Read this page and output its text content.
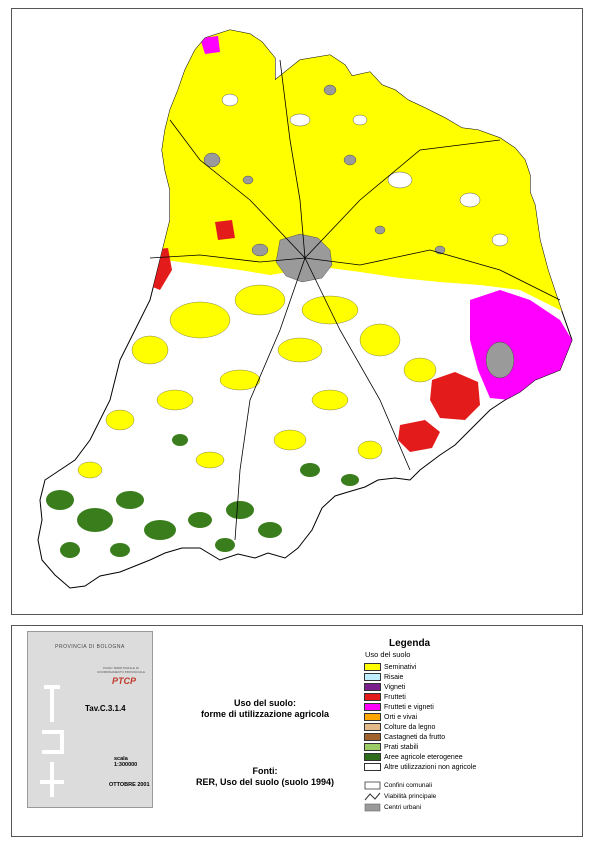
PROVINCIA DI BOLOGNA
PIANO TERRITORIALE DI COORDINAMENTO PROVINCIALE
PTCP
Tav.C.3.1.4
scala 1:300000
OTTOBRE 2001
Uso del suolo:
forme di utilizzazione agricola
Fonti:
RER, Uso del suolo (suolo 1994)
Legenda
Uso del suolo
Seminativi
Risaie
Vigneti
Frutteti
Frutteti e vigneti
Orti e vivai
Colture da legno
Castagneti da frutto
Prati stabili
Aree agricole eterogenee
Altre utilizzazioni non agricole
Confini comunali
Viabilità principale
Centri urbani
